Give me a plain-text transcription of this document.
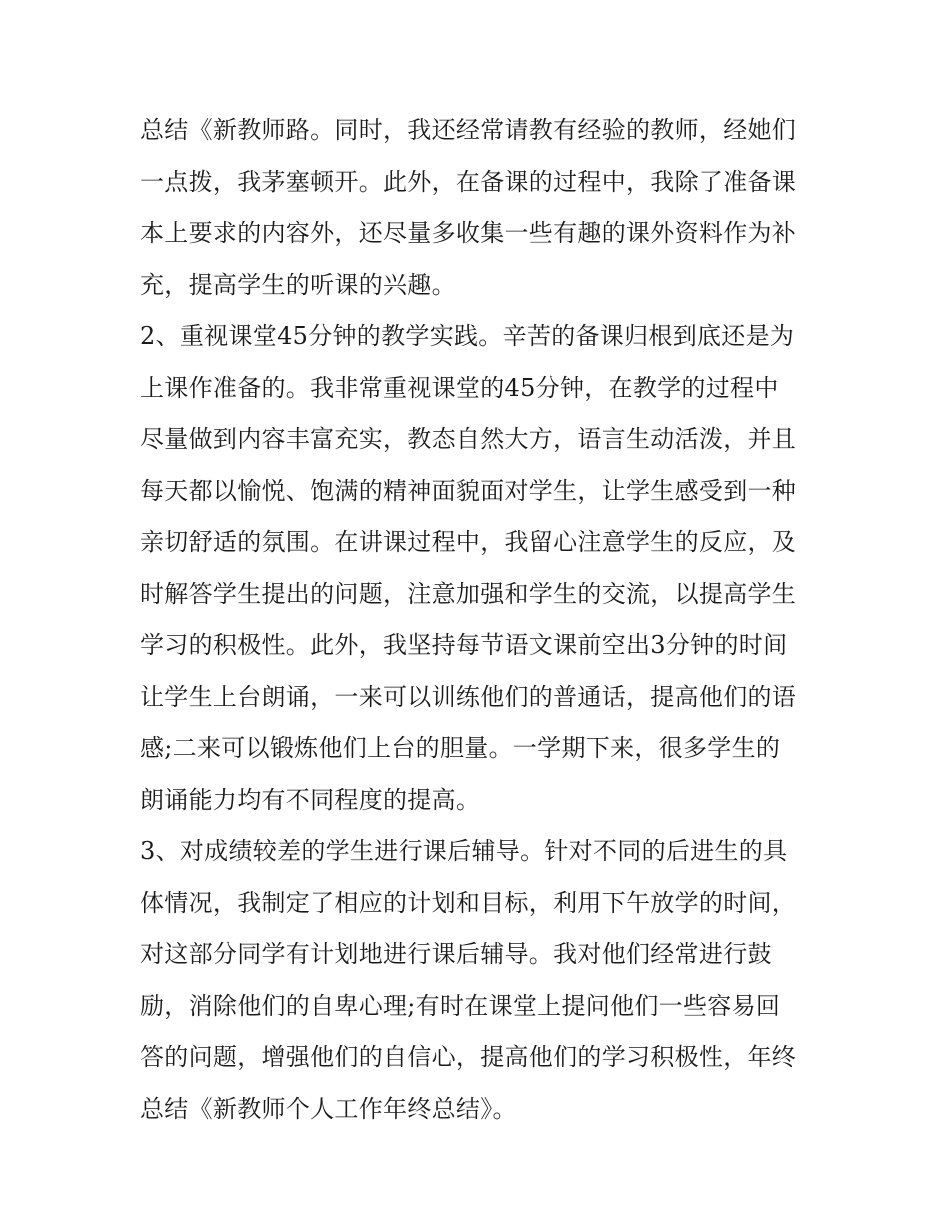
总结《新教师路。同时，我还经常请教有经验的教师，经她们
一点拨，我茅塞顿开。此外，在备课的过程中，我除了准备课
本上要求的内容外，还尽量多收集一些有趣的课外资料作为补
充，提高学生的听课的兴趣。
2、重视课堂45分钟的教学实践。辛苦的备课归根到底还是为
上课作准备的。我非常重视课堂的45分钟，在教学的过程中
尽量做到内容丰富充实，教态自然大方，语言生动活泼，并且
每天都以愉悦、饱满的精神面貌面对学生，让学生感受到一种
亲切舒适的氛围。在讲课过程中，我留心注意学生的反应，及
时解答学生提出的问题，注意加强和学生的交流，以提高学生
学习的积极性。此外，我坚持每节语文课前空出3分钟的时间
让学生上台朗诵，一来可以训练他们的普通话，提高他们的语
感;二来可以锻炼他们上台的胆量。一学期下来，很多学生的
朗诵能力均有不同程度的提高。
3、对成绩较差的学生进行课后辅导。针对不同的后进生的具
体情况，我制定了相应的计划和目标，利用下午放学的时间，
对这部分同学有计划地进行课后辅导。我对他们经常进行鼓
励，消除他们的自卑心理;有时在课堂上提问他们一些容易回
答的问题，增强他们的自信心，提高他们的学习积极性，年终
总结《新教师个人工作年终总结》。
